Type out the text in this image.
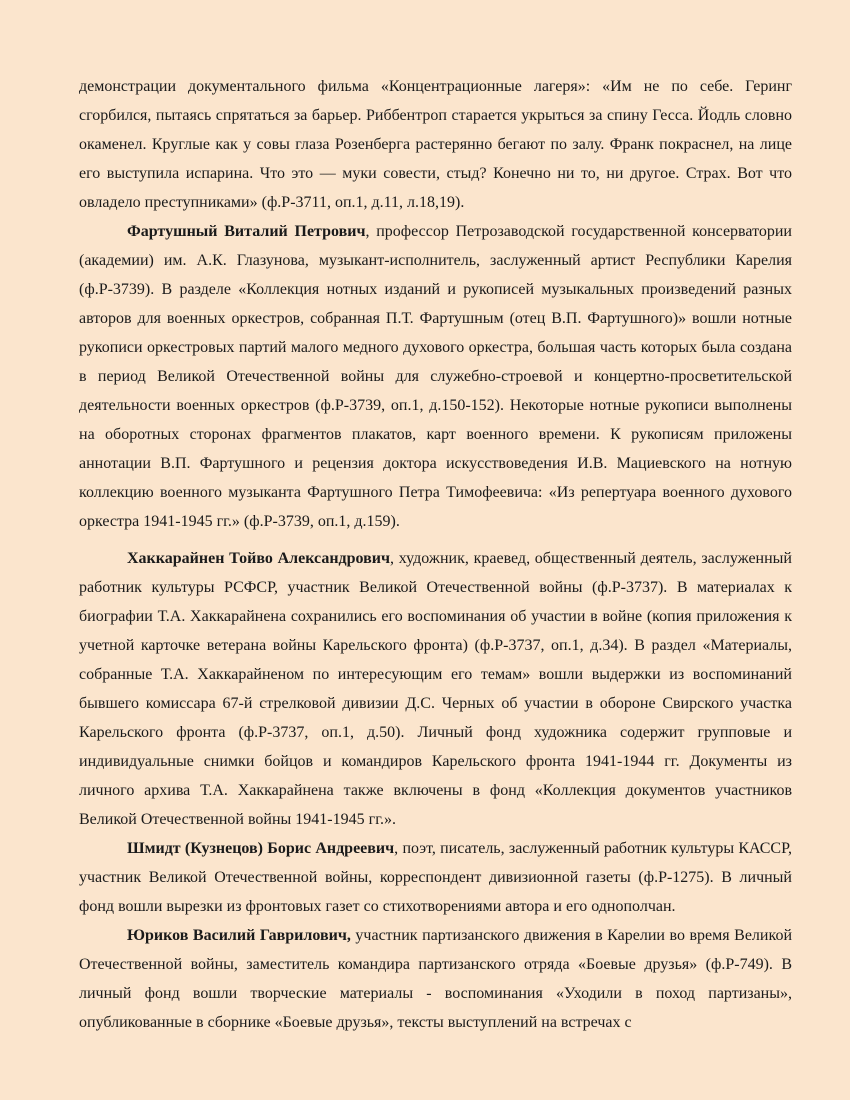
демонстрации документального фильма «Концентрационные лагеря»: «Им не по себе. Геринг сгорбился, пытаясь спрятаться за барьер. Риббентроп старается укрыться за спину Гесса. Йодль словно окаменел. Круглые как у совы глаза Розенберга растерянно бегают по залу. Франк покраснел, на лице его выступила испарина. Что это — муки совести, стыд? Конечно ни то, ни другое. Страх. Вот что овладело преступниками» (ф.Р-3711, оп.1, д.11, л.18,19).

Фартушный Виталий Петрович, профессор Петрозаводской государственной консерватории (академии) им. А.К. Глазунова, музыкант-исполнитель, заслуженный артист Республики Карелия (ф.Р-3739). В разделе «Коллекция нотных изданий и рукописей музыкальных произведений разных авторов для военных оркестров, собранная П.Т. Фартушным (отец В.П. Фартушного)» вошли нотные рукописи оркестровых партий малого медного духового оркестра, большая часть которых была создана в период Великой Отечественной войны для служебно-строевой и концертно-просветительской деятельности военных оркестров (ф.Р-3739, оп.1, д.150-152). Некоторые нотные рукописи выполнены на оборотных сторонах фрагментов плакатов, карт военного времени. К рукописям приложены аннотации В.П. Фартушного и рецензия доктора искусствоведения И.В. Мациевского на нотную коллекцию военного музыканта Фартушного Петра Тимофеевича: «Из репертуара военного духового оркестра 1941-1945 гг.» (ф.Р-3739, оп.1, д.159).

Хаккарайнен Тойво Александрович, художник, краевед, общественный деятель, заслуженный работник культуры РСФСР, участник Великой Отечественной войны (ф.Р-3737). В материалах к биографии Т.А. Хаккарайнена сохранились его воспоминания об участии в войне (копия приложения к учетной карточке ветерана войны Карельского фронта) (ф.Р-3737, оп.1, д.34). В раздел «Материалы, собранные Т.А. Хаккарайненом по интересующим его темам» вошли выдержки из воспоминаний бывшего комиссара 67-й стрелковой дивизии Д.С. Черных об участии в обороне Свирского участка Карельского фронта (ф.Р-3737, оп.1, д.50). Личный фонд художника содержит групповые и индивидуальные снимки бойцов и командиров Карельского фронта 1941-1944 гг. Документы из личного архива Т.А. Хаккарайнена также включены в фонд «Коллекция документов участников Великой Отечественной войны 1941-1945 гг.».

Шмидт (Кузнецов) Борис Андреевич, поэт, писатель, заслуженный работник культуры КАССР, участник Великой Отечественной войны, корреспондент дивизионной газеты (ф.Р-1275). В личный фонд вошли вырезки из фронтовых газет со стихотворениями автора и его однополчан.

Юриков Василий Гаврилович, участник партизанского движения в Карелии во время Великой Отечественной войны, заместитель командира партизанского отряда «Боевые друзья» (ф.Р-749). В личный фонд вошли творческие материалы - воспоминания «Уходили в поход партизаны», опубликованные в сборнике «Боевые друзья», тексты выступлений на встречах с
